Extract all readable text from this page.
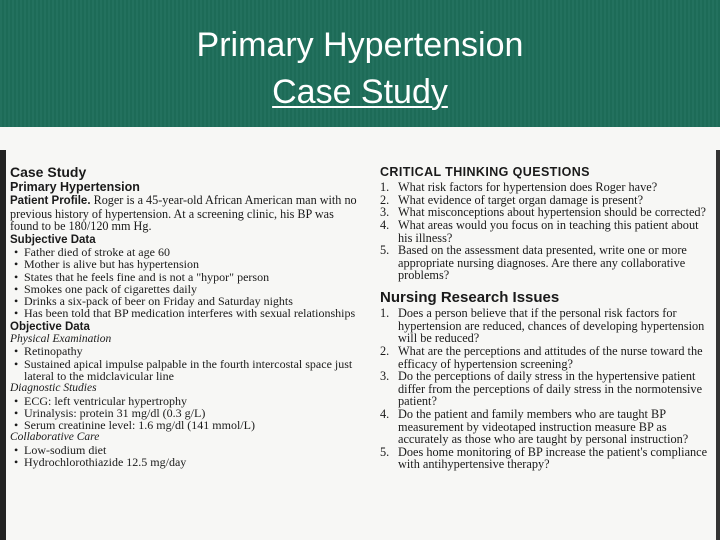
Primary Hypertension
Case Study
Case Study
Primary Hypertension
Patient Profile. Roger is a 45-year-old African American man with no previous history of hypertension. At a screening clinic, his BP was found to be 180/120 mm Hg.
Subjective Data
• Father died of stroke at age 60
• Mother is alive but has hypertension
• States that he feels fine and is not a "hypor" person
• Smokes one pack of cigarettes daily
• Drinks a six-pack of beer on Friday and Saturday nights
• Has been told that BP medication interferes with sexual relationships
Objective Data
Physical Examination
• Retinopathy
• Sustained apical impulse palpable in the fourth intercostal space just lateral to the midclavicular line
Diagnostic Studies
• ECG: left ventricular hypertrophy
• Urinalysis: protein 31 mg/dl (0.3 g/L)
• Serum creatinine level: 1.6 mg/dl (141 mmol/L)
Collaborative Care
• Low-sodium diet
• Hydrochlorothiazide 12.5 mg/day
CRITICAL THINKING QUESTIONS
1. What risk factors for hypertension does Roger have?
2. What evidence of target organ damage is present?
3. What misconceptions about hypertension should be corrected?
4. What areas would you focus on in teaching this patient about his illness?
5. Based on the assessment data presented, write one or more appropriate nursing diagnoses. Are there any collaborative problems?
Nursing Research Issues
1. Does a person believe that if the personal risk factors for hypertension are reduced, chances of developing hypertension will be reduced?
2. What are the perceptions and attitudes of the nurse toward the efficacy of hypertension screening?
3. Do the perceptions of daily stress in the hypertensive patient differ from the perceptions of daily stress in the normotensive patient?
4. Do the patient and family members who are taught BP measurement by videotaped instruction measure BP as accurately as those who are taught by personal instruction?
5. Does home monitoring of BP increase the patient's compliance with antihypertensive therapy?
